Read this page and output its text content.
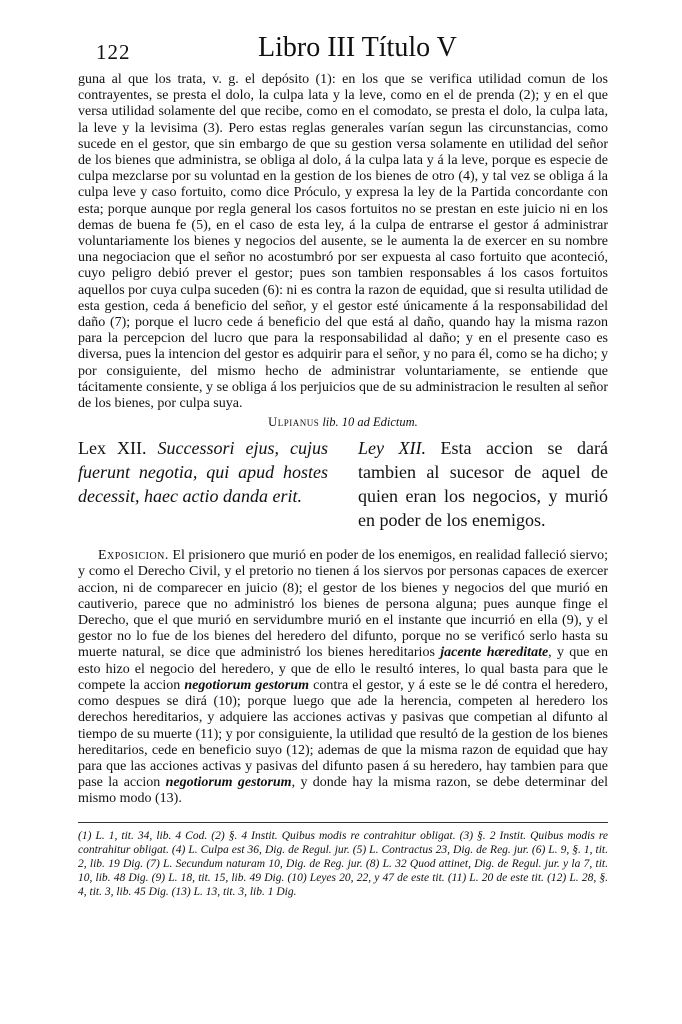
122	Libro III Título V

guna al que los trata, v. g. el depósito (1): en los que se verifica utilidad comun de los contrayentes, se presta el dolo, la culpa lata y la leve, como en el de prenda (2); y en el que versa utilidad solamente del que recibe, como en el comodato, se presta el dolo, la culpa lata, la leve y la levisima (3). Pero estas reglas generales varían segun las circunstancias, como sucede en el gestor, que sin embargo de que su gestion versa solamente en utilidad del señor de los bienes que administra, se obliga al dolo, á la culpa lata y á la leve, porque es especie de culpa mezclarse por su voluntad en la gestion de los bienes de otro (4), y tal vez se obliga á la culpa leve y caso fortuito, como dice Próculo, y expresa la ley de la Partida concordante con esta; porque aunque por regla general los casos fortuitos no se prestan en este juicio ni en los demas de buena fe (5), en el caso de esta ley, á la culpa de entrarse el gestor á administrar voluntariamente los bienes y negocios del ausente, se le aumenta la de exercer en su nombre una negociacion que el señor no acostumbró por ser expuesta al caso fortuito que aconteció, cuyo peligro debió prever el gestor; pues son tambien responsables á los casos fortuitos aquellos por cuya culpa suceden (6): ni es contra la razon de equidad, que si resulta utilidad de esta gestion, ceda á beneficio del señor, y el gestor esté únicamente á la responsabilidad del daño (7); porque el lucro cede á beneficio del que está al daño, quando hay la misma razon para la percepcion del lucro que para la responsabilidad al daño; y en el presente caso es diversa, pues la intencion del gestor es adquirir para el señor, y no para él, como se ha dicho; y por consiguiente, del mismo hecho de administrar voluntariamente, se entiende que tácitamente consiente, y se obliga á los perjuicios que de su administracion le resulten al señor de los bienes, por culpa suya.

Ulpianus lib. 10 ad Edictum.
Lex XII. Successori ejus, cujus fuerunt negotia, qui apud hostes decessit, haec actio danda erit.
Ley XII. Esta accion se dará tambien al sucesor de aquel de quien eran los negocios, y murió en poder de los enemigos.

Exposicion. El prisionero que murió en poder de los enemigos, en realidad falleció siervo; y como el Derecho Civil, y el pretorio no tienen á los siervos por personas capaces de exercer accion, ni de comparecer en juicio (8); el gestor de los bienes y negocios del que murió en cautiverio, parece que no administró los bienes de persona alguna; pues aunque finge el Derecho, que el que murió en servidumbre murió en el instante que incurrió en ella (9), y el gestor no lo fue de los bienes del heredero del difunto, porque no se verificó serlo hasta su muerte natural, se dice que administró los bienes hereditarios jacente hæreditate, y que en esto hizo el negocio del heredero, y que de ello le resultó interes, lo qual basta para que le compete la accion negotiorum gestorum contra el gestor, y á este se le dé contra el heredero, como despues se dirá (10); porque luego que ade la herencia, competen al heredero los derechos hereditarios, y adquiere las acciones activas y pasivas que competian al difunto al tiempo de su muerte (11); y por consiguiente, la utilidad que resultó de la gestion de los bienes hereditarios, cede en beneficio suyo (12); ademas de que la misma razon de equidad que hay para que las acciones activas y pasivas del difunto pasen á su heredero, hay tambien para que pase la accion negotiorum gestorum, y donde hay la misma razon, se debe determinar del mismo modo (13).

(1) L. 1, tit. 34, lib. 4 Cod. (2) §. 4 Instit. Quibus modis re contrahitur obligat. (3) §. 2 Instit. Quibus modis re contrahitur obligat. (4) L. Culpa est 36, Dig. de Regul. jur. (5) L. Contractus 23, Dig. de Reg. jur. (6) L. 9, §. 1, tit. 2, lib. 19 Dig. (7) L. Secundum naturam 10, Dig. de Reg. jur. (8) L. 32 Quod attinet, Dig. de Regul. jur. y la 7, tit. 10, lib. 48 Dig. (9) L. 18, tit. 15, lib. 49 Dig. (10) Leyes 20, 22, y 47 de este tit. (11) L. 20 de este tit. (12) L. 28, §. 4, tit. 3, lib. 45 Dig. (13) L. 13, tit. 3, lib. 1 Dig.
